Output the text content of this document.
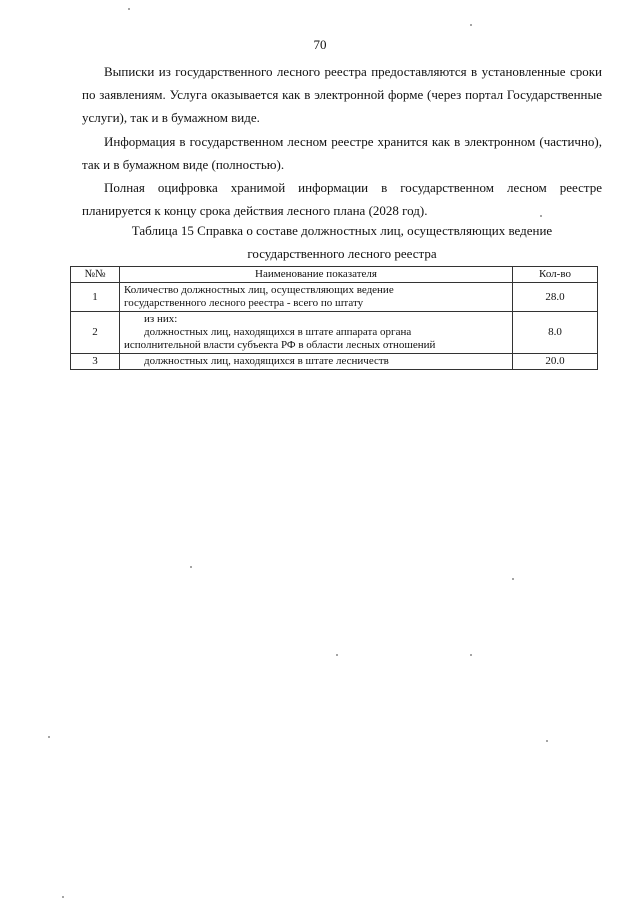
70

Выписки из государственного лесного реестра предоставляются в установленные сроки по заявлениям. Услуга оказывается как в электронной форме (через портал Государственные услуги), так и в бумажном виде.

Информация в государственном лесном реестре хранится как в электронном (частично), так и в бумажном виде (полностью).

Полная оцифровка хранимой информации в государственном лесном реестре планируется к концу срока действия лесного плана (2028 год).

Таблица 15 Справка о составе должностных лиц, осуществляющих ведение

государственного лесного реестра

№№	Наименование показателя	Кол-во
1	Количество должностных лиц, осуществляющих ведение
государственного лесного реестра - всего по штату	28.0
2	из них:
должностных лиц, находящихся в штате аппарата органа
исполнительной власти субъекта РФ в области лесных отношений	8.0
3	должностных лиц, находящихся в штате лесничеств	20.0
